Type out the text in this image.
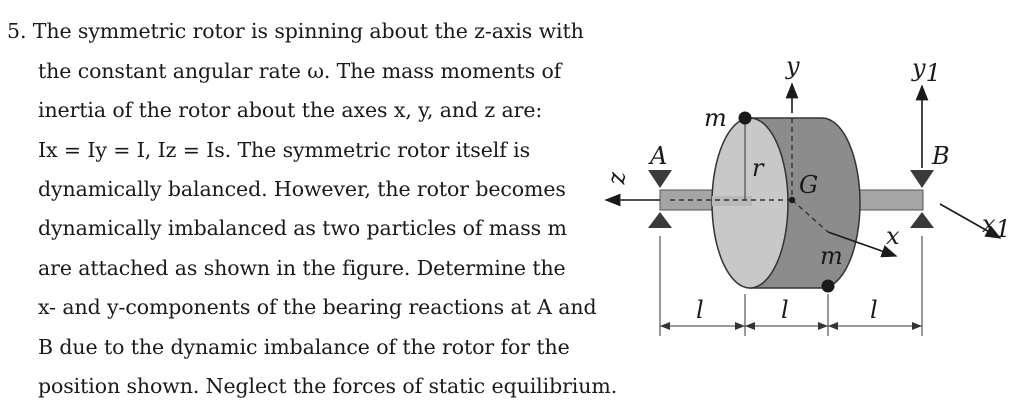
5. The symmetric rotor is spinning about the z-axis with
the constant angular rate ω. The mass moments of
inertia of the rotor about the axes x, y, and z are:
Ix = Iy = I, Iz = Is. The symmetric rotor itself is
dynamically balanced. However, the rotor becomes
dynamically imbalanced as two particles of mass m
are attached as shown in the figure. Determine the
x- and y-components of the bearing reactions at A and
B due to the dynamic imbalance of the rotor for the
position shown. Neglect the forces of static equilibrium.
y	y1
m
m
A	B
r
G
z
x	x1
l	l	l
